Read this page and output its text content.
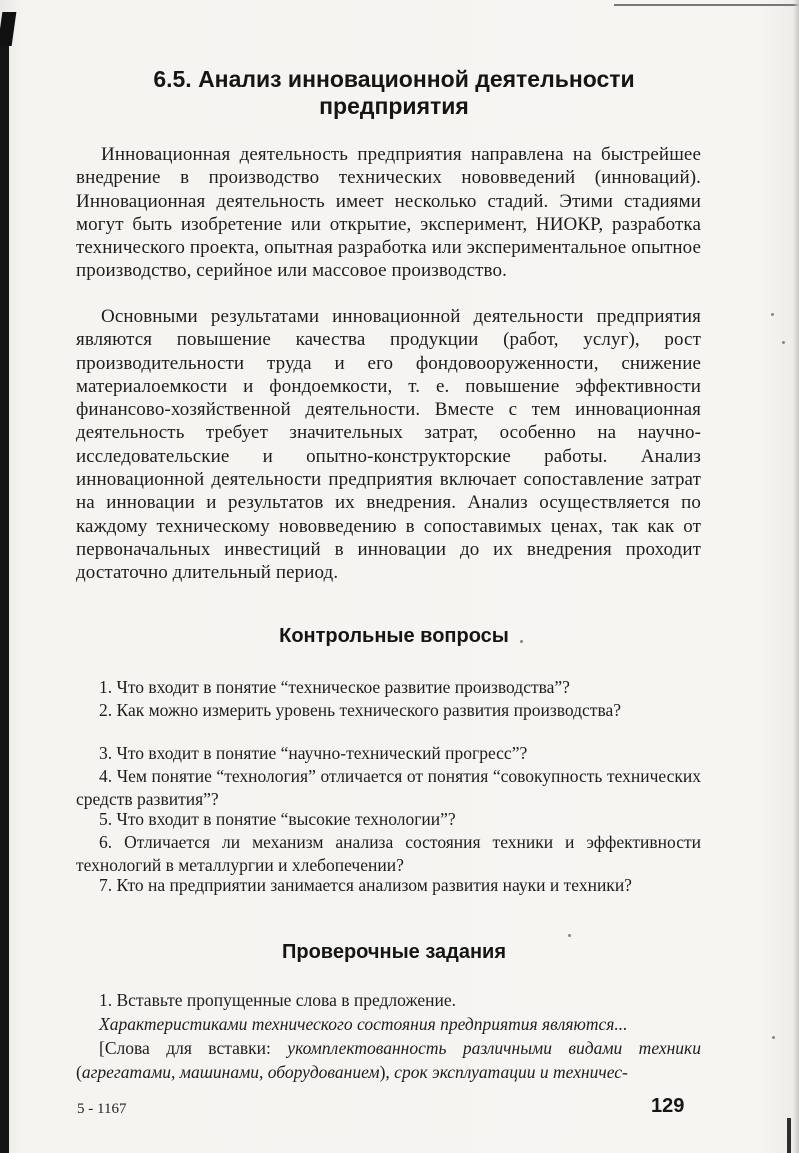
6.5. Анализ инновационной деятельности
предприятия

Инновационная деятельность предприятия направлена на быстрейшее внедрение в производство технических нововведений (инноваций). Инновационная деятельность имеет несколько стадий. Этими стадиями могут быть изобретение или открытие, эксперимент, НИОКР, разработка технического проекта, опытная разработка или экспериментальное опытное производство, серийное или массовое производство.

Основными результатами инновационной деятельности предприятия являются повышение качества продукции (работ, услуг), рост производительности труда и его фондовооруженности, снижение материалоемкости и фондоемкости, т. е. повышение эффективности финансово-хозяйственной деятельности. Вместе с тем инновационная деятельность требует значительных затрат, особенно на научно-исследовательские и опытно-конструкторские работы. Анализ инновационной деятельности предприятия включает сопоставление затрат на инновации и результатов их внедрения. Анализ осуществляется по каждому техническому нововведению в сопоставимых ценах, так как от первоначальных инвестиций в инновации до их внедрения проходит достаточно длительный период.

Контрольные вопросы

1. Что входит в понятие “техническое развитие производства”?

2. Как можно измерить уровень технического развития производства?

3. Что входит в понятие “научно-технический прогресс”?

4. Чем понятие “технология” отличается от понятия “совокупность технических средств развития”?

5. Что входит в понятие “высокие технологии”?

6. Отличается ли механизм анализа состояния техники и эффективности технологий в металлургии и хлебопечении?

7. Кто на предприятии занимается анализом развития науки и техники?

Проверочные задания

1. Вставьте пропущенные слова в предложение.

Характеристиками технического состояния предприятия являются...

[Слова для вставки: укомплектованность различными видами техники (агрегатами, машинами, оборудованием), срок эксплуатации и техничес-

5 - 1167	129
